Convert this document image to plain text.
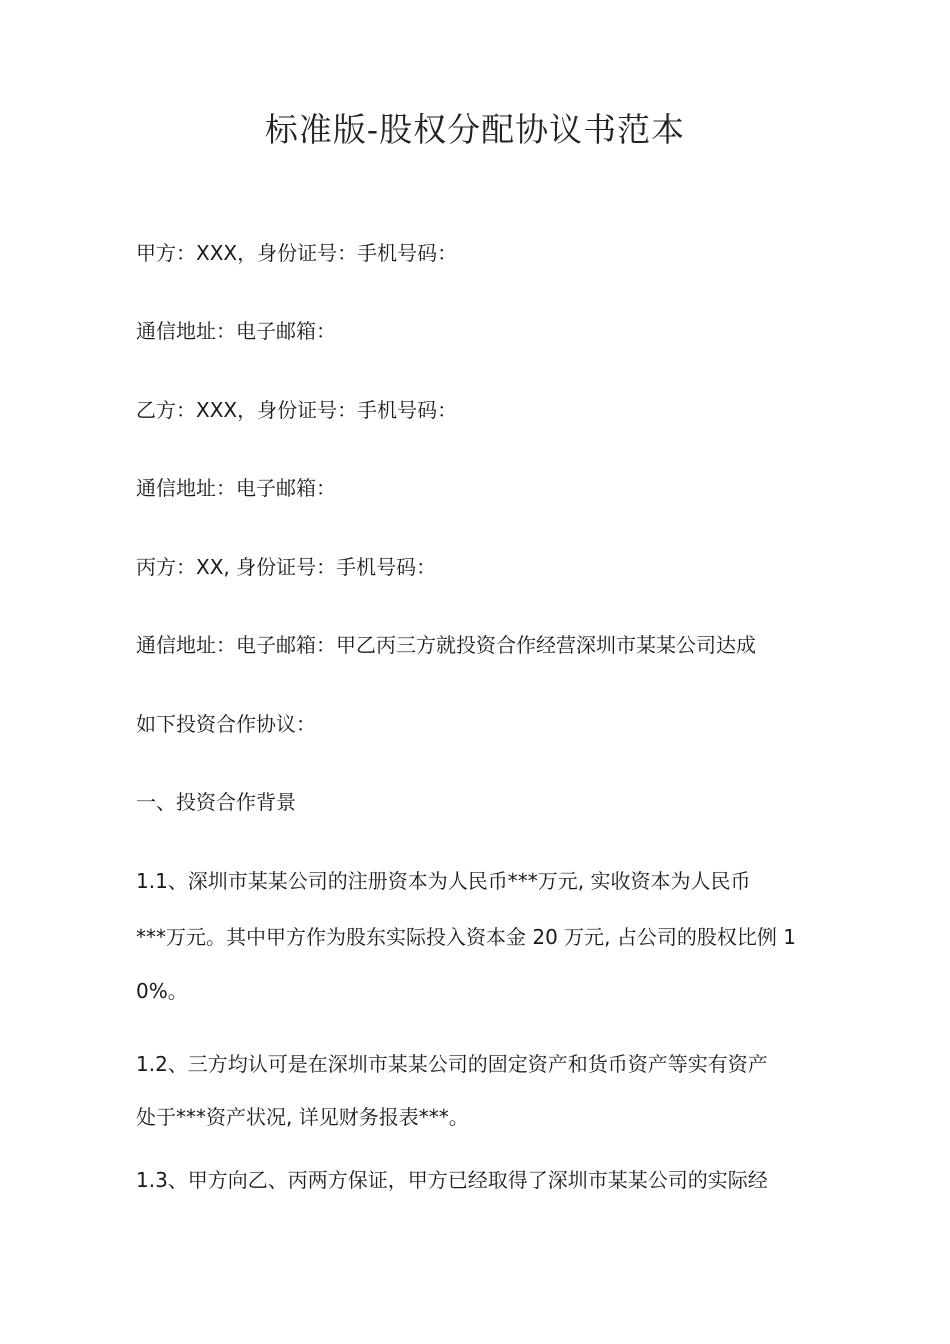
标准版-股权分配协议书范本
甲方：XXX，身份证号：手机号码：
通信地址：电子邮箱：
乙方：XXX，身份证号：手机号码：
通信地址：电子邮箱：
丙方：XX, 身份证号：手机号码：
通信地址：电子邮箱：甲乙丙三方就投资合作经营深圳市某某公司达成
如下投资合作协议：
一、投资合作背景
1.1、深圳市某某公司的注册资本为人民币***万元, 实收资本为人民币
***万元。其中甲方作为股东实际投入资本金 20 万元, 占公司的股权比例 1
0%。
1.2、三方均认可是在深圳市某某公司的固定资产和货币资产等实有资产
处于***资产状况, 详见财务报表***。
1.3、甲方向乙、丙两方保证，甲方已经取得了深圳市某某公司的实际经
